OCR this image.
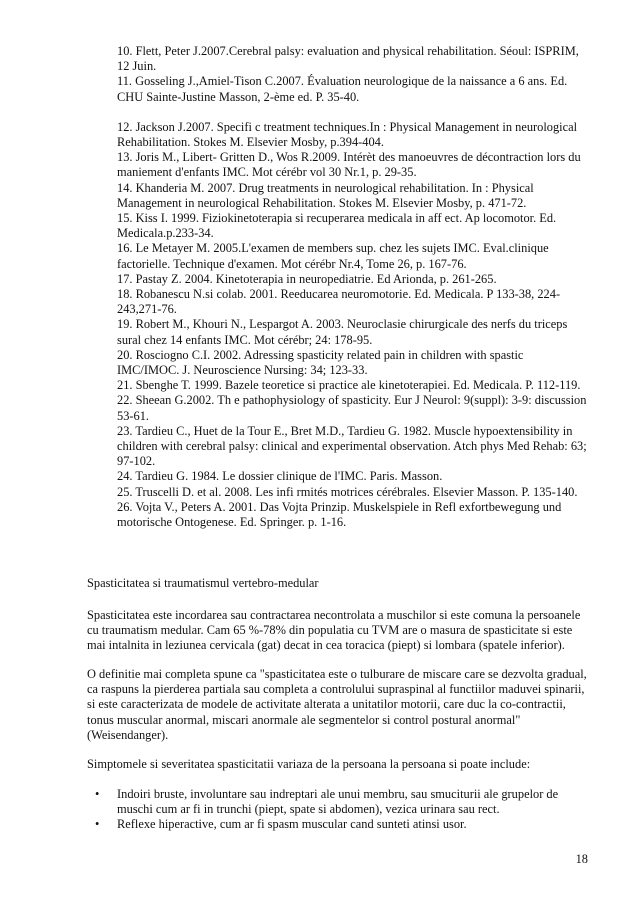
10. Flett, Peter J.2007.Cerebral palsy: evaluation and physical rehabilitation. Séoul: ISPRIM, 12 Juin.
11. Gosseling J.,Amiel-Tison C.2007. Évaluation neurologique de la naissance a 6 ans. Ed. CHU Sainte-Justine Masson, 2-ème ed. P. 35-40.
12. Jackson J.2007. Specifi c treatment techniques.In : Physical Management in neurological Rehabilitation. Stokes M. Elsevier Mosby, p.394-404.
13. Joris M., Libert- Gritten D., Wos R.2009. Intérèt des manoeuvres de décontraction lors du maniement d'enfants IMC. Mot cérébr vol 30 Nr.1, p. 29-35.
14. Khanderia M. 2007. Drug treatments in neurological rehabilitation. In : Physical Management in neurological Rehabilitation. Stokes M. Elsevier Mosby, p. 471-72.
15. Kiss I. 1999. Fiziokinetoterapia si recuperarea medicala in aff ect. Ap locomotor. Ed. Medicala.p.233-34.
16. Le Metayer M. 2005.L'examen de members sup. chez les sujets IMC. Eval.clinique factorielle. Technique d'examen. Mot cérébr Nr.4, Tome 26, p. 167-76.
17. Pastay Z. 2004. Kinetoterapia in neuropediatrie. Ed Arionda, p. 261-265.
18. Robanescu N.si colab. 2001. Reeducarea neuromotorie. Ed. Medicala. P 133-38, 224-243,271-76.
19. Robert M., Khouri N., Lespargot A. 2003. Neuroclasie chirurgicale des nerfs du triceps sural chez 14 enfants IMC. Mot cérébr; 24: 178-95.
20. Rosciogno C.I. 2002. Adressing spasticity related pain in children with spastic IMC/IMOC. J. Neuroscience Nursing: 34; 123-33.
21. Sbenghe T. 1999. Bazele teoretice si practice ale kinetoterapiei. Ed. Medicala. P. 112-119.
22. Sheean G.2002. Th e pathophysiology of spasticity. Eur J Neurol: 9(suppl): 3-9: discussion 53-61.
23. Tardieu C., Huet de la Tour E., Bret M.D., Tardieu G. 1982. Muscle hypoextensibility in children with cerebral palsy: clinical and experimental observation. Atch phys Med Rehab: 63; 97-102.
24. Tardieu G. 1984. Le dossier clinique de l'IMC. Paris. Masson.
25. Truscelli D. et al. 2008. Les infi rmités motrices cérébrales. Elsevier Masson. P. 135-140.
26. Vojta V., Peters A. 2001. Das Vojta Prinzip. Muskelspiele in Refl exfortbewegung und motorische Ontogenese. Ed. Springer. p. 1-16.

Spasticitatea si traumatismul vertebro-medular

Spasticitatea este incordarea sau contractarea necontrolata a muschilor si este comuna la persoanele cu traumatism medular. Cam 65 %-78% din populatia cu TVM are o masura de spasticitate si este mai intalnita in leziunea cervicala (gat) decat in cea toracica (piept) si lombara (spatele inferior).

O definitie mai completa spune ca "spasticitatea este o tulburare de miscare care se dezvolta gradual, ca raspuns la pierderea partiala sau completa a controlului supraspinal al functiilor maduvei spinarii, si este caracterizata de modele de activitate alterata a unitatilor motorii, care duc la co-contractii, tonus muscular anormal, miscari anormale ale segmentelor si control postural anormal" (Weisendanger).

Simptomele si severitatea spasticitatii variaza de la persoana la persoana si poate include:

• Indoiri bruste, involuntare sau indreptari ale unui membru, sau smuciturii ale grupelor de muschi cum ar fi in trunchi (piept, spate si abdomen), vezica urinara sau rect.
• Reflexe hiperactive, cum ar fi spasm muscular cand sunteti atinsi usor.
18
